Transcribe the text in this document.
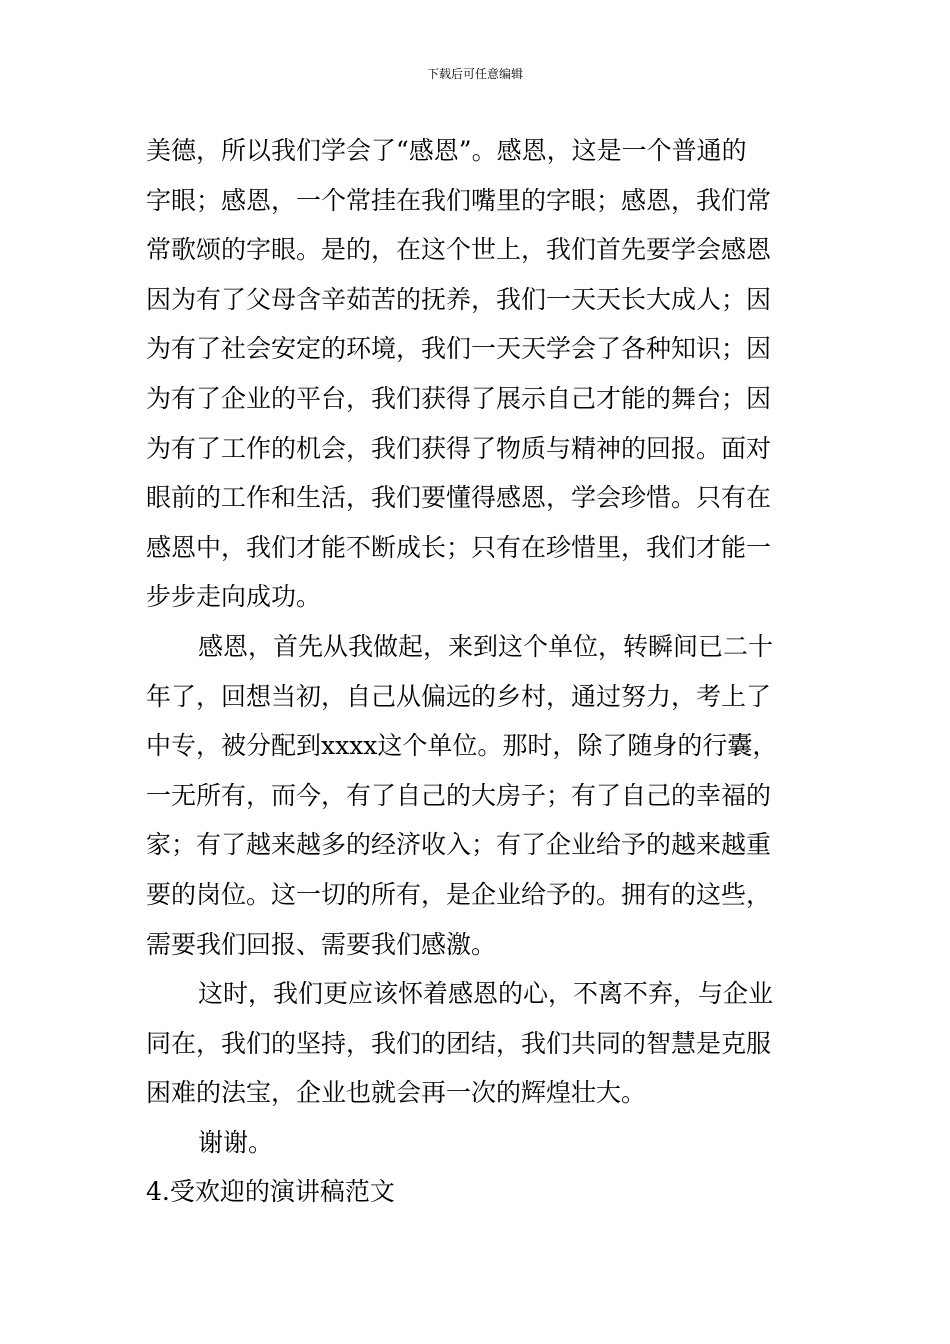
下载后可任意编辑
美德，所以我们学会了“感恩”。感恩，这是一个普通的
字眼；感恩，一个常挂在我们嘴里的字眼；感恩，我们常
常歌颂的字眼。是的，在这个世上，我们首先要学会感恩
因为有了父母含辛茹苦的抚养，我们一天天长大成人；因
为有了社会安定的环境，我们一天天学会了各种知识；因
为有了企业的平台，我们获得了展示自己才能的舞台；因
为有了工作的机会，我们获得了物质与精神的回报。面对
眼前的工作和生活，我们要懂得感恩，学会珍惜。只有在
感恩中，我们才能不断成长；只有在珍惜里，我们才能一
步步走向成功。
感恩，首先从我做起，来到这个单位，转瞬间已二十
年了，回想当初，自己从偏远的乡村，通过努力，考上了
中专，被分配到xxxx这个单位。那时，除了随身的行囊，
一无所有，而今，有了自己的大房子；有了自己的幸福的
家；有了越来越多的经济收入；有了企业给予的越来越重
要的岗位。这一切的所有，是企业给予的。拥有的这些，
需要我们回报、需要我们感激。
这时，我们更应该怀着感恩的心，不离不弃，与企业
同在，我们的坚持，我们的团结，我们共同的智慧是克服
困难的法宝，企业也就会再一次的辉煌壮大。
谢谢。
4.受欢迎的演讲稿范文
